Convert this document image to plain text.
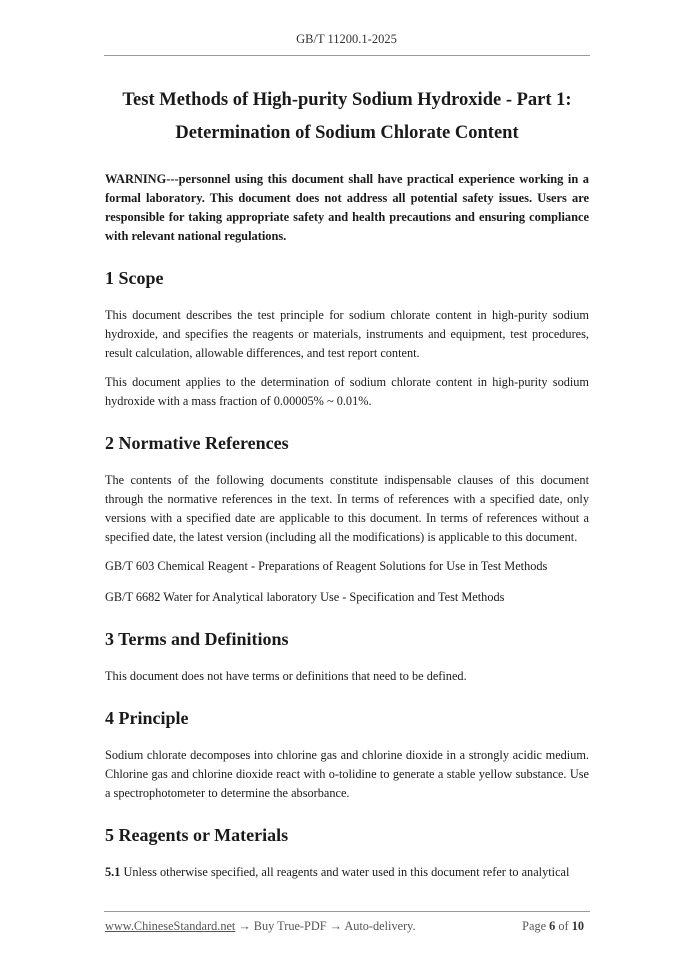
GB/T 11200.1-2025
Test Methods of High-purity Sodium Hydroxide - Part 1:
Determination of Sodium Chlorate Content

WARNING---personnel using this document shall have practical experience working in a formal laboratory. This document does not address all potential safety issues. Users are responsible for taking appropriate safety and health precautions and ensuring compliance with relevant national regulations.

1 Scope

This document describes the test principle for sodium chlorate content in high-purity sodium hydroxide, and specifies the reagents or materials, instruments and equipment, test procedures, result calculation, allowable differences, and test report content.

This document applies to the determination of sodium chlorate content in high-purity sodium hydroxide with a mass fraction of 0.00005% ~ 0.01%.

2 Normative References

The contents of the following documents constitute indispensable clauses of this document through the normative references in the text. In terms of references with a specified date, only versions with a specified date are applicable to this document. In terms of references without a specified date, the latest version (including all the modifications) is applicable to this document.

GB/T 603 Chemical Reagent - Preparations of Reagent Solutions for Use in Test Methods

GB/T 6682 Water for Analytical laboratory Use - Specification and Test Methods

3 Terms and Definitions

This document does not have terms or definitions that need to be defined.

4 Principle

Sodium chlorate decomposes into chlorine gas and chlorine dioxide in a strongly acidic medium. Chlorine gas and chlorine dioxide react with o-tolidine to generate a stable yellow substance. Use a spectrophotometer to determine the absorbance.

5 Reagents or Materials

5.1 Unless otherwise specified, all reagents and water used in this document refer to analytical

www.ChineseStandard.net → Buy True-PDF → Auto-delivery.	Page 6 of 10
